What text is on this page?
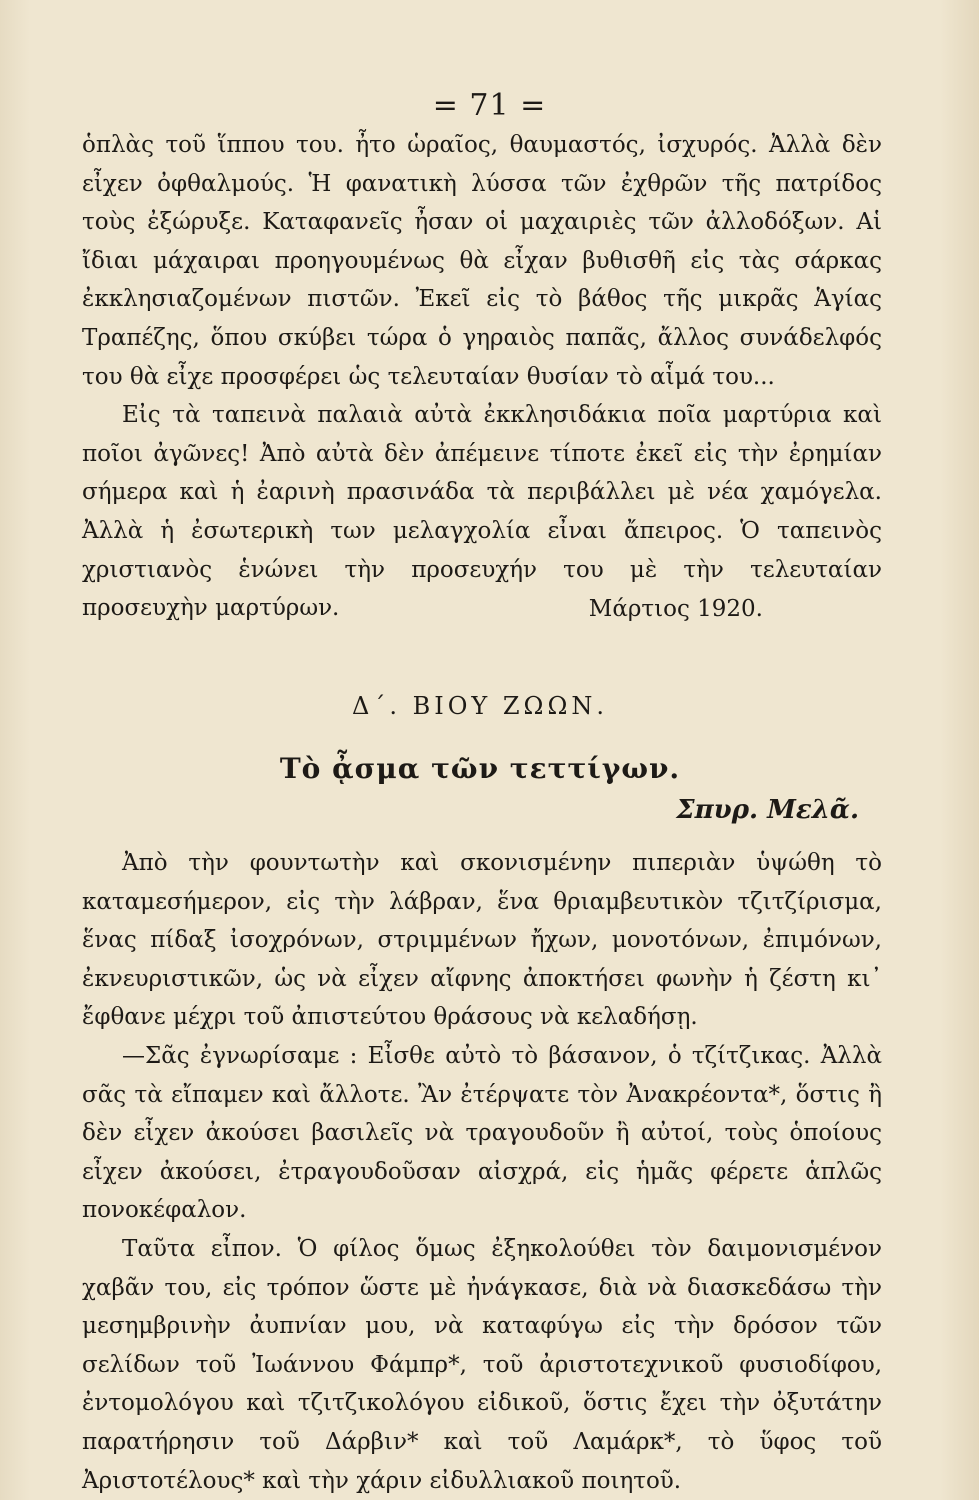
= 71 =

ὁπλὰς τοῦ ἵππου του. ἦτο ὡραῖος, θαυμαστός, ἰσχυρός. Ἀλλὰ δὲν εἶχεν ὀφθαλμούς. Ἡ φανατικὴ λύσσα τῶν ἐχθρῶν τῆς πατρίδος τοὺς ἐξώρυξε. Καταφανεῖς ἦσαν οἱ μαχαιριὲς τῶν ἀλλοδόξων. Αἱ ἴδιαι μάχαιραι προηγουμένως θὰ εἶχαν βυθισθῆ εἰς τὰς σάρκας ἐκκλησιαζομένων πιστῶν. Ἐκεῖ εἰς τὸ βάθος τῆς μικρᾶς Ἁγίας Τραπέζης, ὅπου σκύβει τώρα ὁ γηραιὸς παπᾶς, ἄλλος συνάδελφός του θὰ εἶχε προσφέρει ὡς τελευταίαν θυσίαν τὸ αἷμά του...

Εἰς τὰ ταπεινὰ παλαιὰ αὐτὰ ἐκκλησιδάκια ποῖα μαρτύρια καὶ ποῖοι ἀγῶνες! Ἀπὸ αὐτὰ δὲν ἀπέμεινε τίποτε ἐκεῖ εἰς τὴν ἐρημίαν σήμερα καὶ ἡ ἐαρινὴ πρασινάδα τὰ περιβάλλει μὲ νέα χαμόγελα. Ἀλλὰ ἡ ἐσωτερικὴ των μελαγχολία εἶναι ἄπειρος. Ὁ ταπεινὸς χριστιανὸς ἑνώνει τὴν προσευχήν του μὲ τὴν τελευταίαν προσευχὴν μαρτύρων.	Μάρτιος 1920.
Δ΄. ΒΙΟΥ ΖΩΩΝ.
Τὸ ᾆσμα τῶν τεττίγων.
Σπυρ. Μελᾶ.

Ἀπὸ τὴν φουντωτὴν καὶ σκονισμένην πιπεριὰν ὑψώθη τὸ καταμεσήμερον, εἰς τὴν λάβραν, ἕνα θριαμβευτικὸν τζιτζίρισμα, ἕνας πίδαξ ἰσοχρόνων, στριμμένων ἤχων, μονοτόνων, ἐπιμόνων, ἐκνευριστικῶν, ὡς νὰ εἶχεν αἴφνης ἀποκτήσει φωνὴν ἡ ζέστη κι᾽ ἔφθανε μέχρι τοῦ ἀπιστεύτου θράσους νὰ κελαδήσῃ.

—Σᾶς ἐγνωρίσαμε : Εἶσθε αὐτὸ τὸ βάσανον, ὁ τζίτζικας. Ἀλλὰ σᾶς τὰ εἴπαμεν καὶ ἄλλοτε. Ἂν ἐτέρψατε τὸν Ἀνακρέοντα*, ὅστις ἢ δὲν εἶχεν ἀκούσει βασιλεῖς νὰ τραγουδοῦν ἢ αὐτοί, τοὺς ὁποίους εἶχεν ἀκούσει, ἐτραγουδοῦσαν αἰσχρά, εἰς ἡμᾶς φέρετε ἁπλῶς πονοκέφαλον.

Ταῦτα εἶπον. Ὁ φίλος ὅμως ἐξηκολούθει τὸν δαιμονισμένον χαβᾶν του, εἰς τρόπον ὥστε μὲ ἠνάγκασε, διὰ νὰ διασκεδάσω τὴν μεσημβρινὴν ἀυπνίαν μου, νὰ καταφύγω εἰς τὴν δρόσον τῶν σελίδων τοῦ Ἰωάννου Φάμπρ*, τοῦ ἀριστοτεχνικοῦ φυσιοδίφου, ἐντομολόγου καὶ τζιτζικολόγου εἰδικοῦ, ὅστις ἔχει τὴν ὀξυτάτην παρατήρησιν τοῦ Δάρβιν* καὶ τοῦ Λαμάρκ*, τὸ ὕφος τοῦ Ἀριστοτέλους* καὶ τὴν χάριν εἰδυλλιακοῦ ποιητοῦ.
